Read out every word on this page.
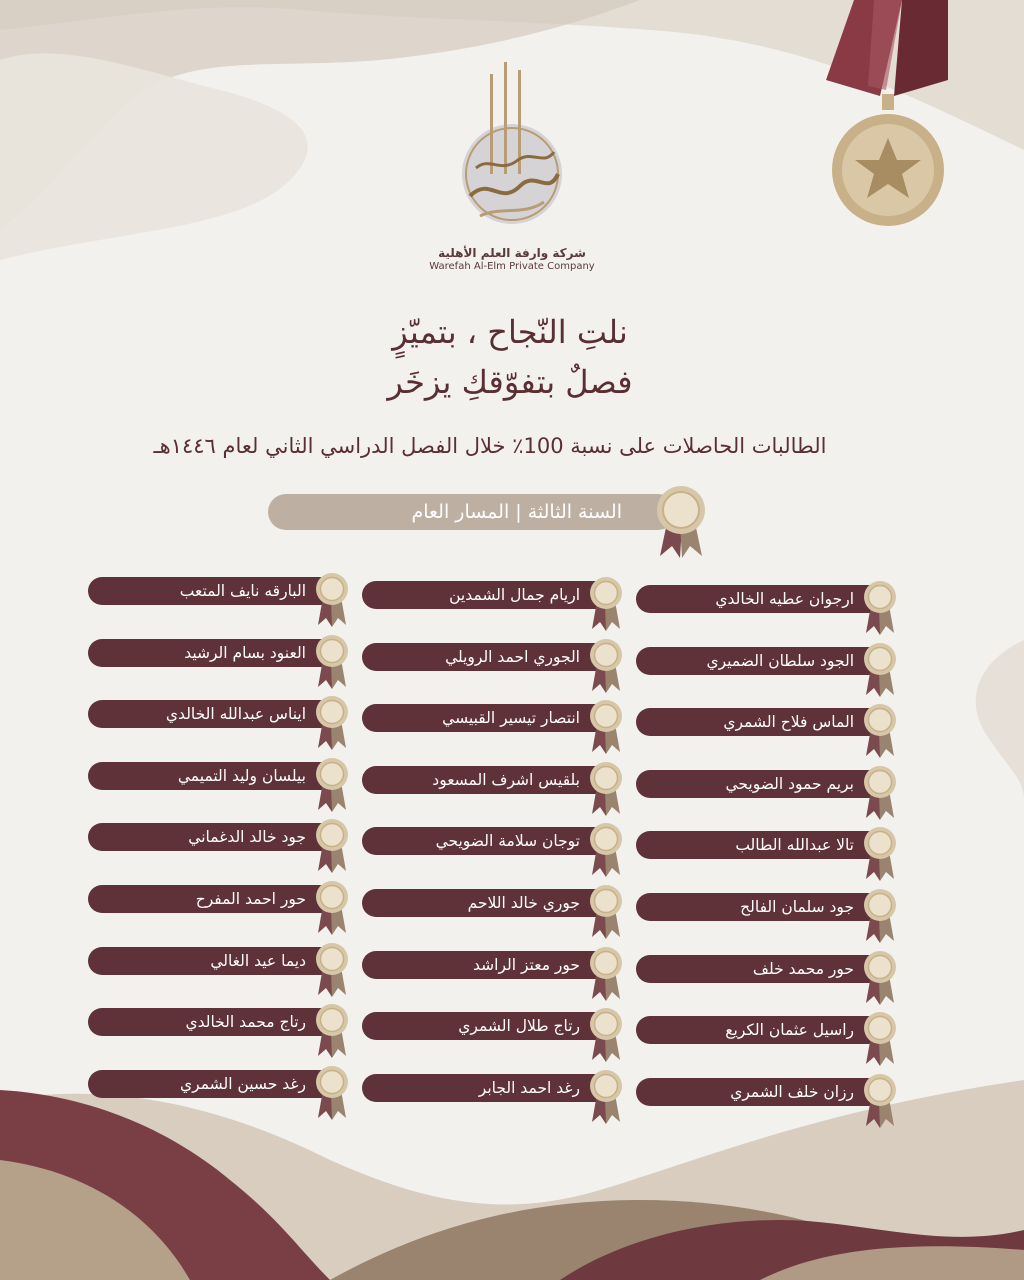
شركة وارفة العلم الأهلية
Warefah Al-Elm Private Company
نلتِ النّجاح ، بتميّزٍ
فصلٌ بتفوّقكِ يزخَر
الطالبات الحاصلات على نسبة 100٪ خلال الفصل الدراسي الثاني لعام ١٤٤٦هـ
السنة الثالثة | المسار العام
ارجوان عطيه الخالدي
الجود سلطان الضميري
الماس فلاح الشمري
بريم حمود الضويحي
تالا عبدالله الطالب
جود سلمان الفالح
حور محمد خلف
راسيل عثمان الكريع
رزان خلف الشمري
اريام جمال الشمدين
الجوري احمد الرويلي
انتصار تيسير القبيسي
بلقيس اشرف المسعود
توجان سلامة الضويحي
جوري خالد اللاحم
حور معتز الراشد
رتاج طلال الشمري
رغد احمد الجابر
البارقه نايف المتعب
العنود بسام الرشيد
ايناس عبدالله الخالدي
بيلسان وليد التميمي
جود خالد الدغماني
حور احمد المفرح
ديما عيد الغالي
رتاج محمد الخالدي
رغد حسين الشمري
